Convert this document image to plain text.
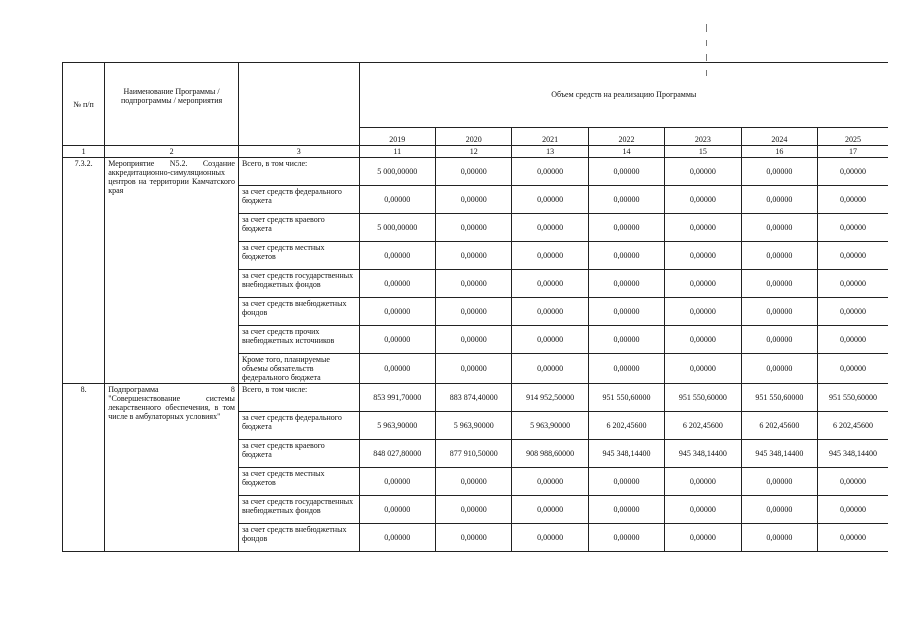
№ п/п	Наименование Программы / подпрограммы / мероприятия		Объем средств на реализацию Программы						
			2019	2020	2021	2022	2023	2024	2025
1	2	3	11	12	13	14	15	16	17
7.3.2.	Мероприятие N5.2. Создание аккредитационно-симуляционных центров на территории Камчатского края	Всего, в том числе:	5 000,00000	0,00000	0,00000	0,00000	0,00000	0,00000	0,00000
		за счет средств федерального бюджета	0,00000	0,00000	0,00000	0,00000	0,00000	0,00000	0,00000
		за счет средств краевого бюджета	5 000,00000	0,00000	0,00000	0,00000	0,00000	0,00000	0,00000
		за счет средств местных бюджетов	0,00000	0,00000	0,00000	0,00000	0,00000	0,00000	0,00000
		за счет средств государственных внебюджетных фондов	0,00000	0,00000	0,00000	0,00000	0,00000	0,00000	0,00000
		за счет средств внебюджетных фондов	0,00000	0,00000	0,00000	0,00000	0,00000	0,00000	0,00000
		за счет средств прочих внебюджетных источников	0,00000	0,00000	0,00000	0,00000	0,00000	0,00000	0,00000
		Кроме того, планируемые объемы обязательств федерального бюджета	0,00000	0,00000	0,00000	0,00000	0,00000	0,00000	0,00000
8.	Подпрограмма 8 "Совершенствование системы лекарственного обеспечения, в том числе в амбулаторных условиях"	Всего, в том числе:	853 991,70000	883 874,40000	914 952,50000	951 550,60000	951 550,60000	951 550,60000	951 550,60000
		за счет средств федерального бюджета	5 963,90000	5 963,90000	5 963,90000	6 202,45600	6 202,45600	6 202,45600	6 202,45600
		за счет средств краевого бюджета	848 027,80000	877 910,50000	908 988,60000	945 348,14400	945 348,14400	945 348,14400	945 348,14400
		за счет средств местных бюджетов	0,00000	0,00000	0,00000	0,00000	0,00000	0,00000	0,00000
		за счет средств государственных внебюджетных фондов	0,00000	0,00000	0,00000	0,00000	0,00000	0,00000	0,00000
		за счет средств внебюджетных фондов	0,00000	0,00000	0,00000	0,00000	0,00000	0,00000	0,00000
